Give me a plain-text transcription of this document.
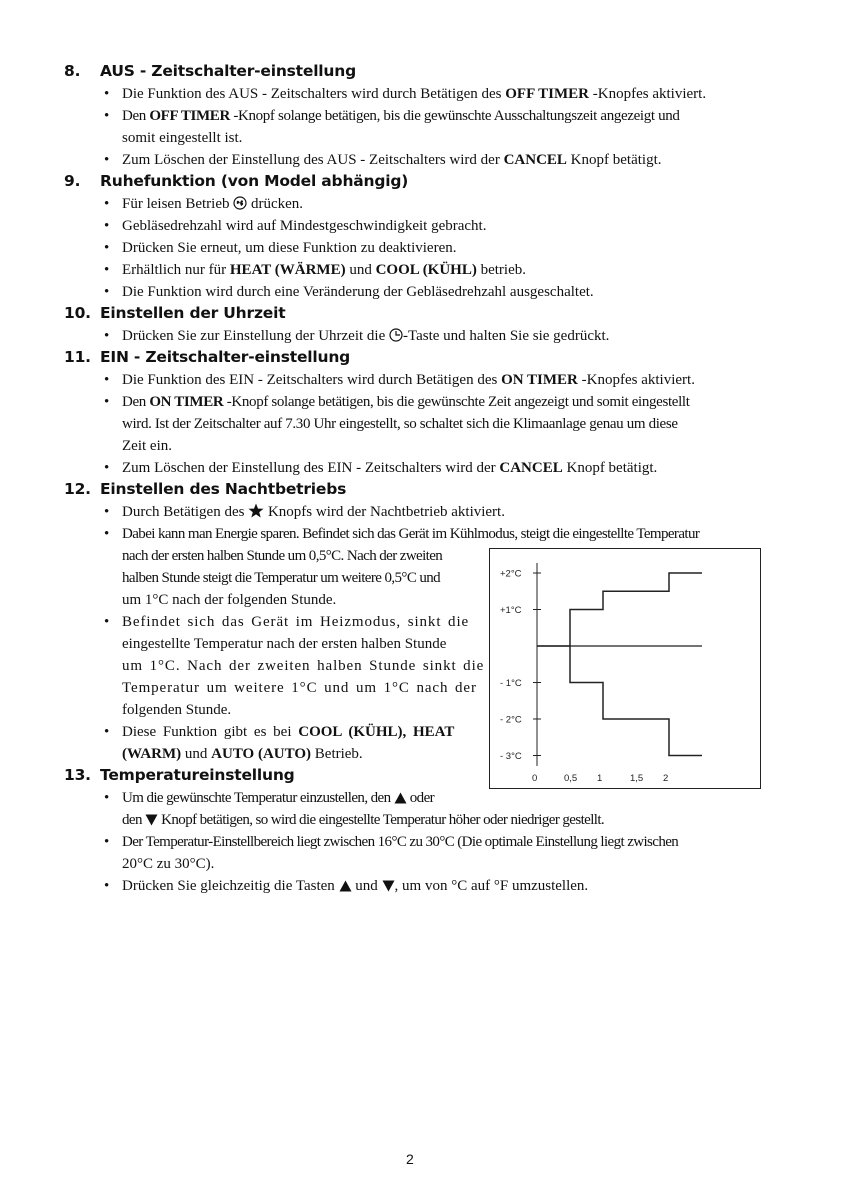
8. AUS - Zeitschalter-einstellung
• Die Funktion des AUS - Zeitschalters wird durch Betätigen des OFF TIMER -Knopfes aktiviert.
• Den OFF TIMER -Knopf solange betätigen, bis die gewünschte Ausschaltungszeit angezeigt und
somit eingestellt ist.
• Zum Löschen der Einstellung des AUS - Zeitschalters wird der CANCEL Knopf betätigt.
9. Ruhefunktion (von Model abhängig)
• Für leisen Betrieb  drücken.
• Gebläsedrehzahl wird auf Mindestgeschwindigkeit gebracht.
• Drücken Sie erneut, um diese Funktion zu deaktivieren.
• Erhältlich nur für HEAT (WÄRME) und COOL (KÜHL) betrieb.
• Die Funktion wird durch eine Veränderung der Gebläsedrehzahl ausgeschaltet.
10. Einstellen der Uhrzeit
• Drücken Sie zur Einstellung der Uhrzeit die -Taste und halten Sie sie gedrückt.
11. EIN - Zeitschalter-einstellung
• Die Funktion des EIN - Zeitschalters wird durch Betätigen des ON TIMER -Knopfes aktiviert.
• Den ON TIMER -Knopf solange betätigen, bis die gewünschte Zeit angezeigt und somit eingestellt
wird. Ist der Zeitschalter auf 7.30 Uhr eingestellt, so schaltet sich die Klimaanlage genau um diese
Zeit ein.
• Zum Löschen der Einstellung des EIN - Zeitschalters wird der CANCEL Knopf betätigt.
12. Einstellen des Nachtbetriebs
• Durch Betätigen des  Knopfs wird der Nachtbetrieb aktiviert.
• Dabei kann man Energie sparen. Befindet sich das Gerät im Kühlmodus, steigt die eingestellte Temperatur
nach der ersten halben Stunde um 0,5°C. Nach der zweiten
halben Stunde steigt die Temperatur um weitere 0,5°C und
um 1°C nach der folgenden Stunde.
• Befindet sich das Gerät im Heizmodus, sinkt die
eingestellte Temperatur nach der ersten halben Stunde
um 1°C. Nach der zweiten halben Stunde sinkt die
Temperatur um weitere 1°C und um 1°C nach der
folgenden Stunde.
• Diese Funktion gibt es bei COOL (KÜHL), HEAT
(WARM) und AUTO (AUTO) Betrieb.
+2°C
+1°C
- 1°C
- 2°C
- 3°C
0	0,5 1	1,5 2
13. Temperatureinstellung
• Um die gewünschte Temperatur einzustellen, den  oder
den  Knopf betätigen, so wird die eingestellte Temperatur höher oder niedriger gestellt.
• Der Temperatur-Einstellbereich liegt zwischen 16°C zu 30°C (Die optimale Einstellung liegt zwischen
20°C zu 30°C).
• Drücken Sie gleichzeitig die Tasten  und , um von °C auf °F umzustellen.
2
